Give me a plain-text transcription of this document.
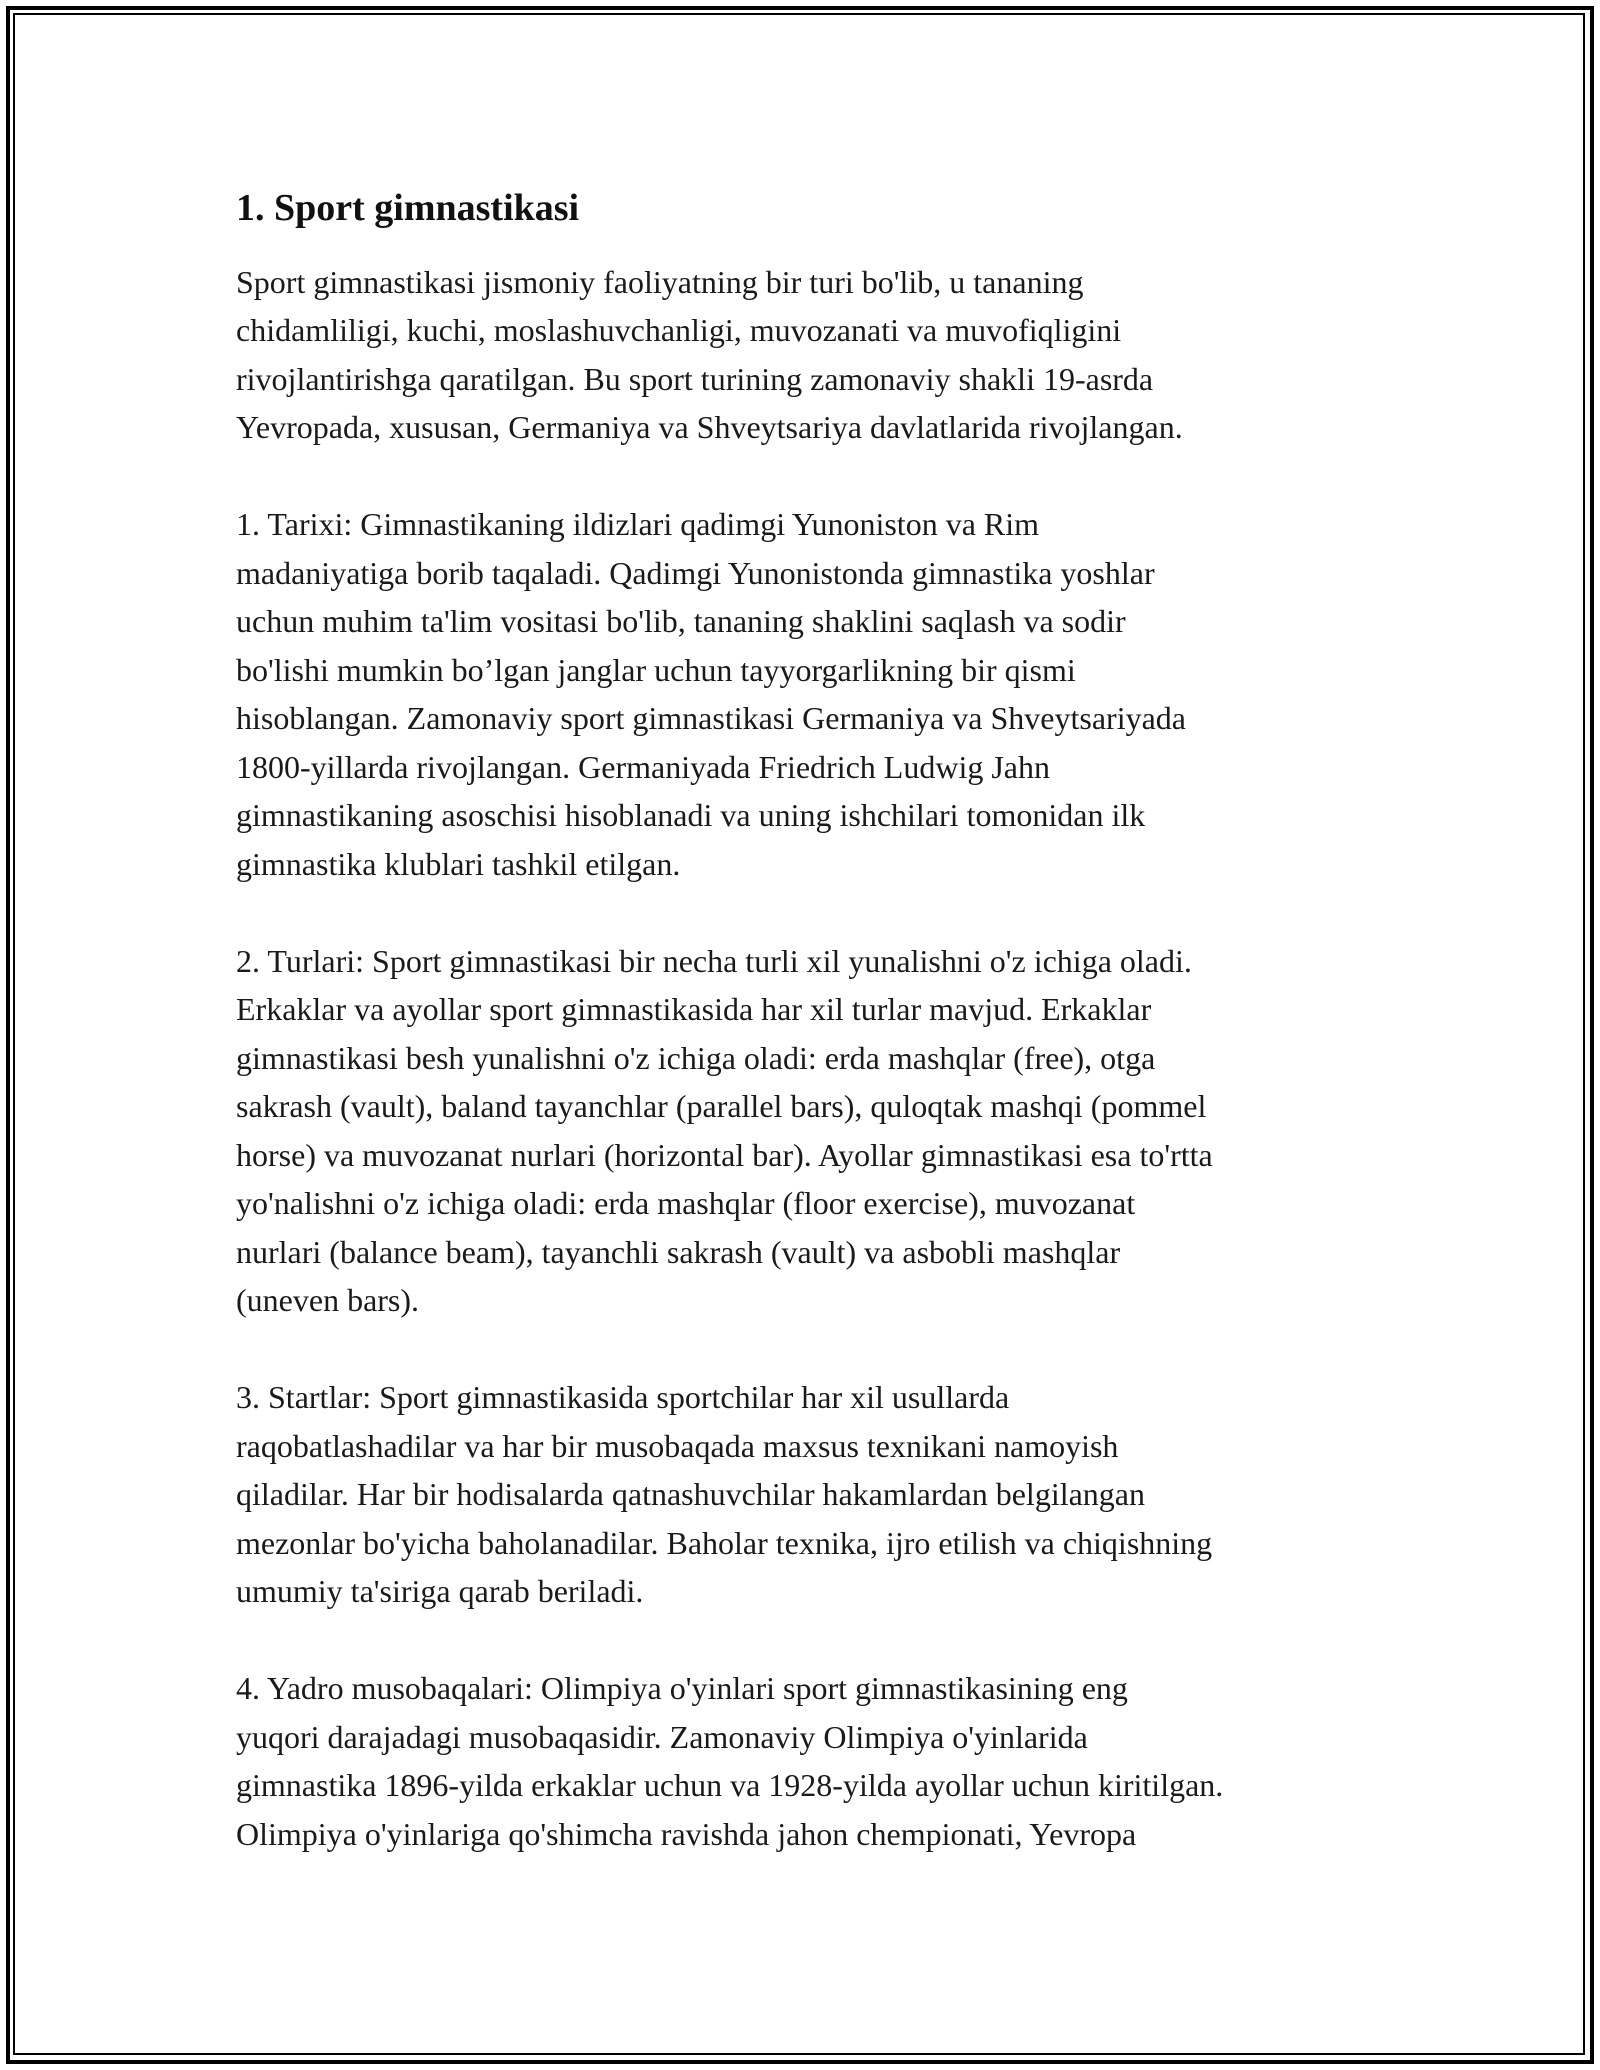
1. Sport gimnastikasi

Sport gimnastikasi jismoniy faoliyatning bir turi bo'lib, u tananing
chidamliligi, kuchi, moslashuvchanligi, muvozanati va muvofiqligini
rivojlantirishga qaratilgan. Bu sport turining zamonaviy shakli 19-asrda
Yevropada, xususan, Germaniya va Shveytsariya davlatlarida rivojlangan.

1. Tarixi: Gimnastikaning ildizlari qadimgi Yunoniston va Rim
madaniyatiga borib taqaladi. Qadimgi Yunonistonda gimnastika yoshlar
uchun muhim ta'lim vositasi bo'lib, tananing shaklini saqlash va sodir
bo'lishi mumkin bo’lgan janglar uchun tayyorgarlikning bir qismi
hisoblangan. Zamonaviy sport gimnastikasi Germaniya va Shveytsariyada
1800-yillarda rivojlangan. Germaniyada Friedrich Ludwig Jahn
gimnastikaning asoschisi hisoblanadi va uning ishchilari tomonidan ilk
gimnastika klublari tashkil etilgan.

2. Turlari: Sport gimnastikasi bir necha turli xil yunalishni o'z ichiga oladi.
Erkaklar va ayollar sport gimnastikasida har xil turlar mavjud. Erkaklar
gimnastikasi besh yunalishni o'z ichiga oladi: erda mashqlar (free), otga
sakrash (vault), baland tayanchlar (parallel bars), quloqtak mashqi (pommel
horse) va muvozanat nurlari (horizontal bar). Ayollar gimnastikasi esa to'rtta
yo'nalishni o'z ichiga oladi: erda mashqlar (floor exercise), muvozanat
nurlari (balance beam), tayanchli sakrash (vault) va asbobli mashqlar
(uneven bars).

3. Startlar: Sport gimnastikasida sportchilar har xil usullarda
raqobatlashadilar va har bir musobaqada maxsus texnikani namoyish
qiladilar. Har bir hodisalarda qatnashuvchilar hakamlardan belgilangan
mezonlar bo'yicha baholanadilar. Baholar texnika, ijro etilish va chiqishning
umumiy ta'siriga qarab beriladi.

4. Yadro musobaqalari: Olimpiya o'yinlari sport gimnastikasining eng
yuqori darajadagi musobaqasidir. Zamonaviy Olimpiya o'yinlarida
gimnastika 1896-yilda erkaklar uchun va 1928-yilda ayollar uchun kiritilgan.
Olimpiya o'yinlariga qo'shimcha ravishda jahon chempionati, Yevropa
